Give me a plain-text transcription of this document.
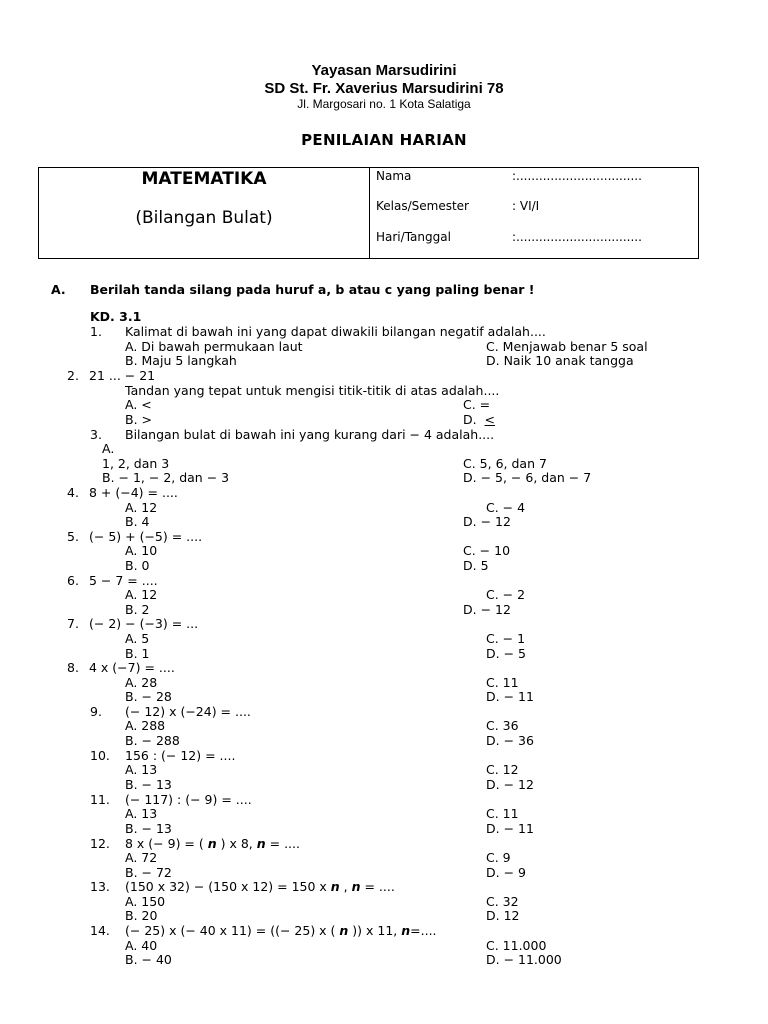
Yayasan Marsudirini
SD St. Fr. Xaverius Marsudirini 78
Jl. Margosari no. 1 Kota Salatiga
PENILAIAN HARIAN
MATEMATIKA
(Bilangan Bulat)
Nama	:.................................
Kelas/Semester	: VI/I
Hari/Tanggal	:.................................
A. Berilah tanda silang pada huruf a, b atau c yang paling benar !
KD. 3.1
1. Kalimat di bawah ini yang dapat diwakili bilangan negatif adalah....
A. Di bawah permukaan laut	C. Menjawab benar 5 soal
B. Maju 5 langkah	D. Naik 10 anak tangga
2. 21 ... − 21
Tandan yang tepat untuk mengisi titik-titik di atas adalah....
A. <	C. =
B. >	D.  <
3. Bilangan bulat di bawah ini yang kurang dari − 4 adalah....
A.
1, 2, dan 3	C. 5, 6, dan 7
B. − 1, − 2, dan − 3	D. − 5, − 6, dan − 7
4. 8 + (−4) = ....
A. 12	C. − 4
B. 4	D. − 12
5. (− 5) + (−5) = ....
A. 10	C. − 10
B. 0	D. 5
6. 5 − 7 = ....
A. 12	C. − 2
B. 2	D. − 12
7. (− 2) − (−3) = ...
A. 5	C. − 1
B. 1	D. − 5
8. 4 x (−7) = ....
A. 28	C. 11
B. − 28	D. − 11
9. (− 12) x (−24) = ....
A. 288	C. 36
B. − 288	D. − 36
10. 156 : (− 12) = ....
A. 13	C. 12
B. − 13	D. − 12
11. (− 117) : (− 9) = ....
A. 13	C. 11
B. − 13	D. − 11
12. 8 x (− 9) = ( n ) x 8, n = ....
A. 72	C. 9
B. − 72	D. − 9
13. (150 x 32) − (150 x 12) = 150 x n , n = ....
A. 150	C. 32
B. 20	D. 12
14. (− 25) x (− 40 x 11) = ((− 25) x ( n )) x 11, n=....
A. 40	C. 11.000
B. − 40	D. − 11.000
